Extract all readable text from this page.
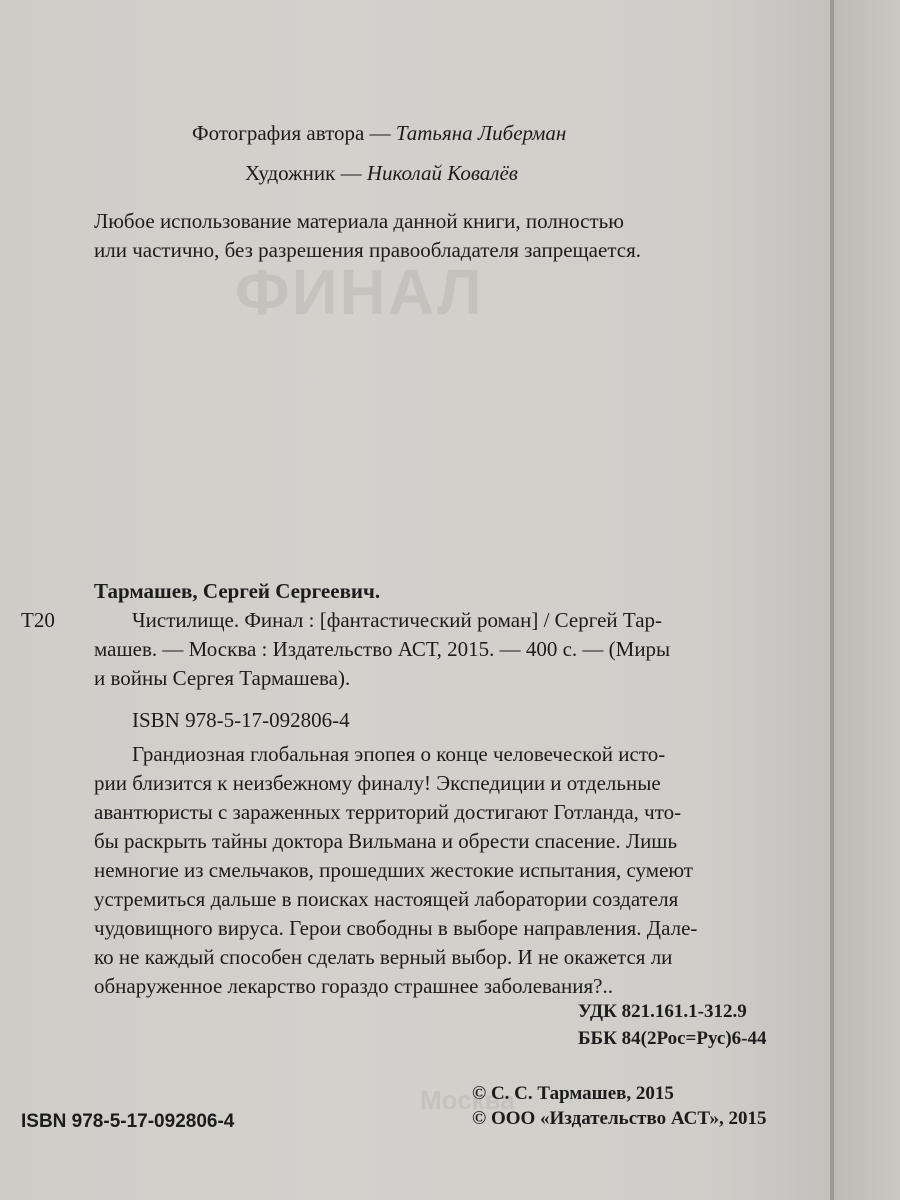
ФИНАЛ
Москва
Фотография автора — Татьяна Либерман
Художник — Николай Ковалёв
Любое использование материала данной книги, полностью
или частично, без разрешения правообладателя запрещается.
Тармашев, Сергей Сергеевич.
Т20	Чистилище. Финал : [фантастический роман] / Сергей Тар-
машев. — Москва : Издательство АСТ, 2015. — 400 с. — (Миры
и войны Сергея Тармашева).
ISBN 978-5-17-092806-4
Грандиозная глобальная эпопея о конце человеческой исто-
рии близится к неизбежному финалу! Экспедиции и отдельные
авантюристы с зараженных территорий достигают Готланда, что-
бы раскрыть тайны доктора Вильмана и обрести спасение. Лишь
немногие из смельчаков, прошедших жестокие испытания, сумеют
устремиться дальше в поисках настоящей лаборатории создателя
чудовищного вируса. Герои свободны в выборе направления. Дале-
ко не каждый способен сделать верный выбор. И не окажется ли
обнаруженное лекарство гораздо страшнее заболевания?..
УДК 821.161.1-312.9
ББК 84(2Рос=Рус)6-44
ISBN 978-5-17-092806-4
© С. С. Тармашев, 2015
© ООО «Издательство АСТ», 2015
